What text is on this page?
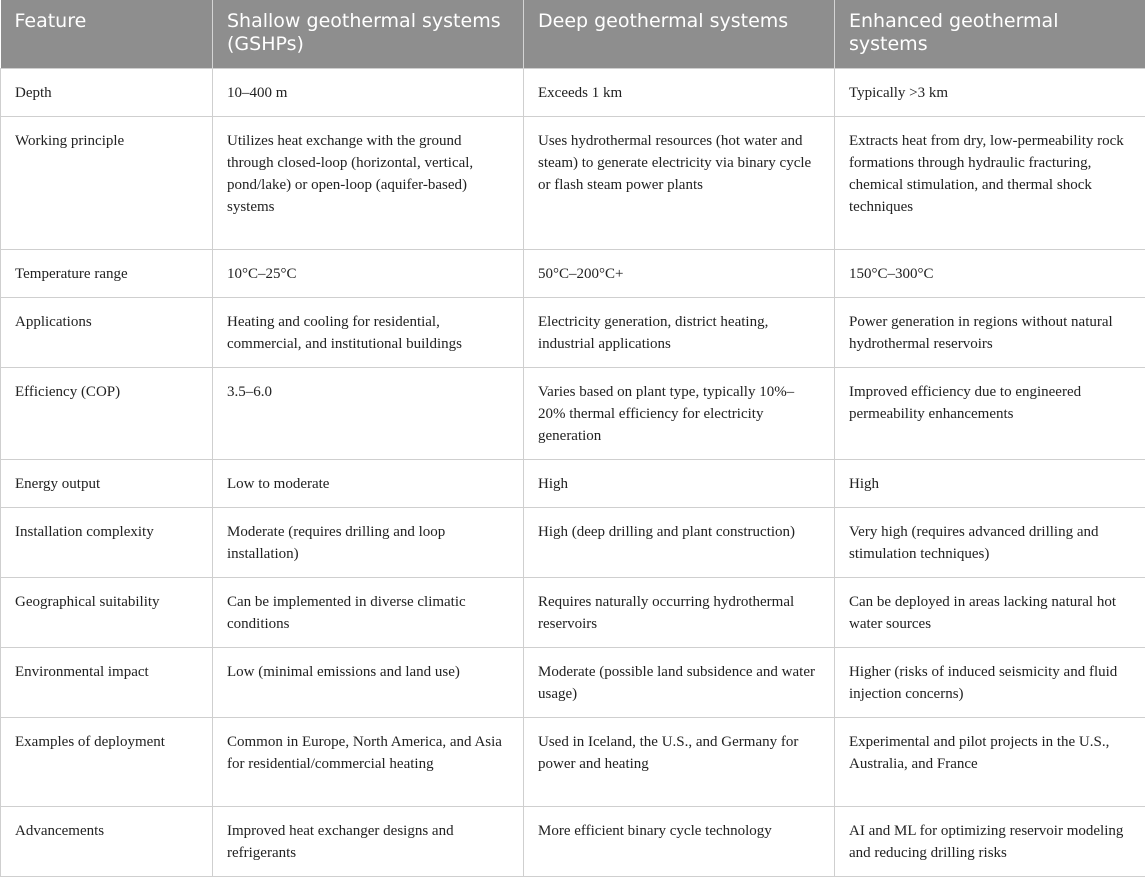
Feature	Shallow geothermal systems (GSHPs)	Deep geothermal systems	Enhanced geothermal systems
Depth	10–400 m	Exceeds 1 km	Typically >3 km
Working principle	Utilizes heat exchange with the ground through closed-loop (horizontal, vertical, pond/lake) or open-loop (aquifer-based) systems	Uses hydrothermal resources (hot water and steam) to generate electricity via binary cycle or flash steam power plants	Extracts heat from dry, low-permeability rock formations through hydraulic fracturing, chemical stimulation, and thermal shock techniques
Temperature range	10°C–25°C	50°C–200°C+	150°C–300°C
Applications	Heating and cooling for residential, commercial, and institutional buildings	Electricity generation, district heating, industrial applications	Power generation in regions without natural hydrothermal reservoirs
Efficiency (COP)	3.5–6.0	Varies based on plant type, typically 10%–20% thermal efficiency for electricity generation	Improved efficiency due to engineered permeability enhancements
Energy output	Low to moderate	High	High
Installation complexity	Moderate (requires drilling and loop installation)	High (deep drilling and plant construction)	Very high (requires advanced drilling and stimulation techniques)
Geographical suitability	Can be implemented in diverse climatic conditions	Requires naturally occurring hydrothermal reservoirs	Can be deployed in areas lacking natural hot water sources
Environmental impact	Low (minimal emissions and land use)	Moderate (possible land subsidence and water usage)	Higher (risks of induced seismicity and fluid injection concerns)
Examples of deployment	Common in Europe, North America, and Asia for residential/commercial heating	Used in Iceland, the U.S., and Germany for power and heating	Experimental and pilot projects in the U.S., Australia, and France
Advancements	Improved heat exchanger designs and refrigerants	More efficient binary cycle technology	AI and ML for optimizing reservoir modeling and reducing drilling risks
